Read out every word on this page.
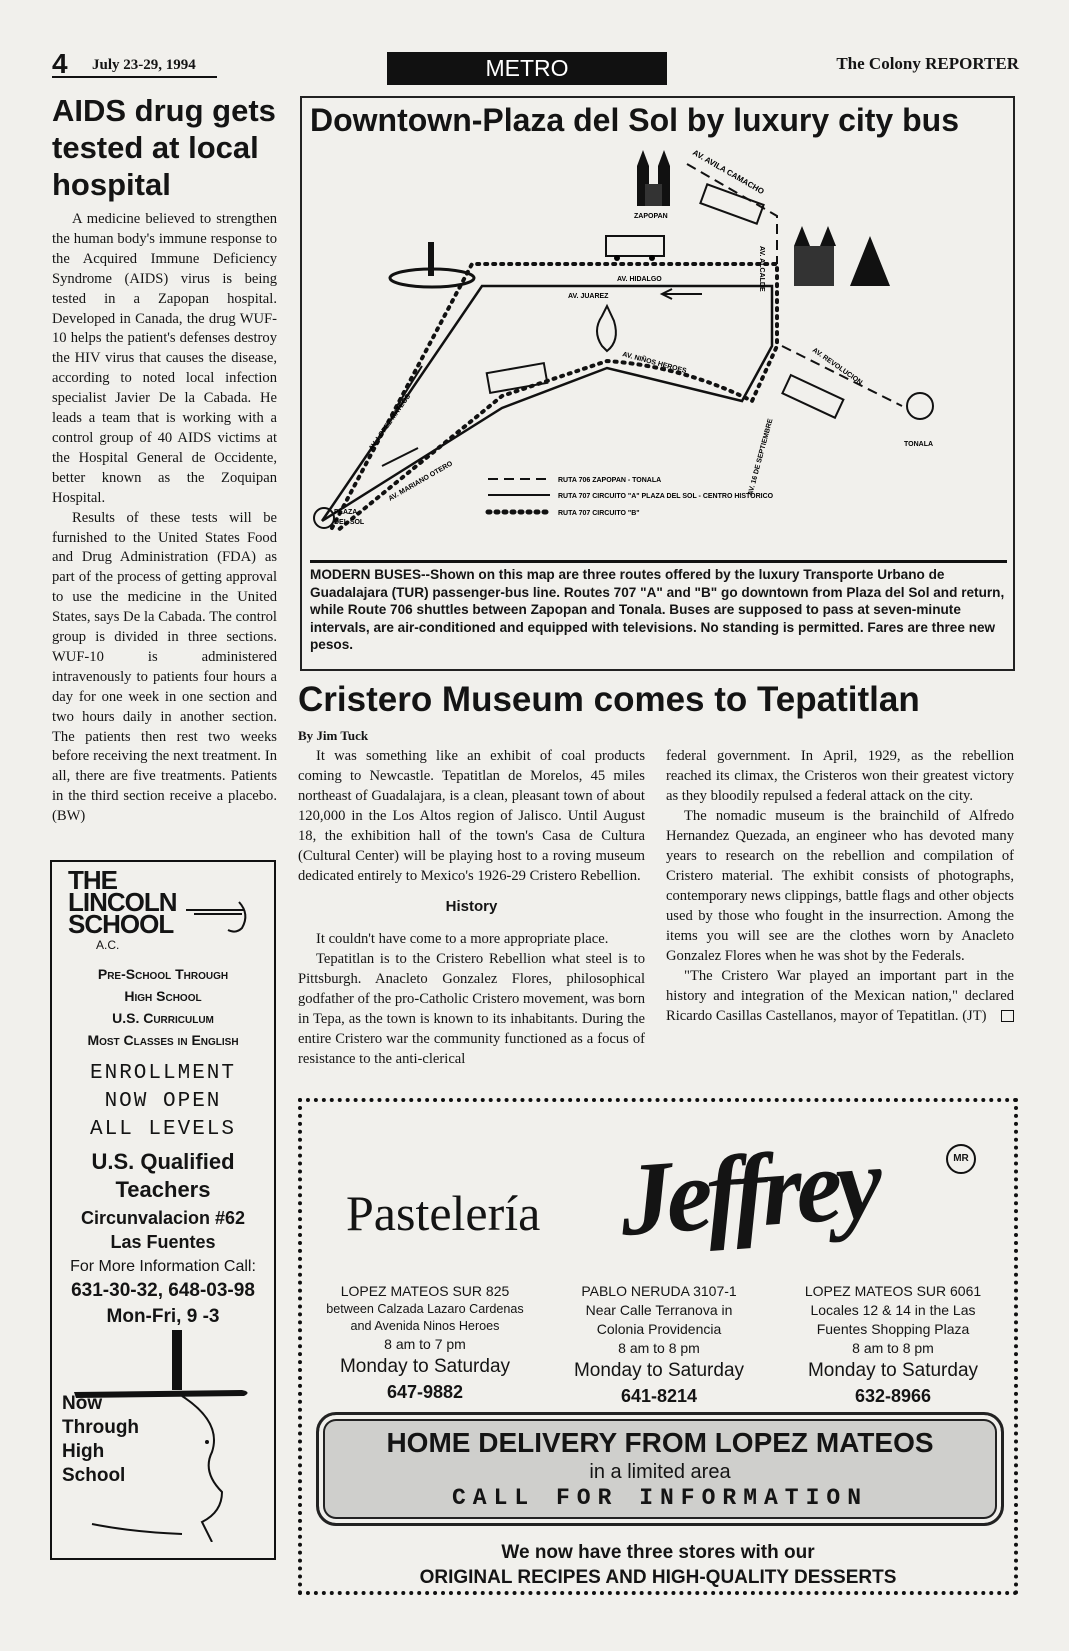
4 July 23-29, 1994	METRO	The Colony REPORTER
AIDS drug gets tested at local hospital

A medicine believed to strengthen the human body's immune response to the Acquired Immune Deficiency Syndrome (AIDS) virus is being tested in a Zapopan hospital. Developed in Canada, the drug WUF-10 helps the patient's defenses destroy the HIV virus that causes the disease, according to noted local infection specialist Javier De la Cabada. He leads a team that is working with a control group of 40 AIDS victims at the Hospital General de Occidente, better known as the Zoquipan Hospital.

Results of these tests will be furnished to the United States Food and Drug Administration (FDA) as part of the process of getting approval to use the medicine in the United States, says De la Cabada. The control group is divided in three sections. WUF-10 is administered intravenously to patients four hours a day for one week in one section and two hours daily in another section. The patients then rest two weeks before receiving the next treatment. In all, there are five treatments. Patients in the third section receive a placebo. (BW)

THE
LINCOLN
SCHOOL
A.C.
Pre-School Through
High School
U.S. Curriculum
Most Classes in English
ENROLLMENT
NOW OPEN
ALL LEVELS
U.S. Qualified
Teachers
Circunvalacion #62
Las Fuentes
For More Information Call:
631-30-32, 648-03-98
Mon-Fri, 9 -3
Now
Through
High
School
Downtown-Plaza del Sol by luxury city bus
AV. AVILA CAMACHO
ZAPOPAN
AV. ALCALDE
AV. HIDALGO
AV. JUAREZ
AV. NIÑOS HEROES
AV. LOPEZ MATEOS
AV. MARIANO OTERO
AV. REVOLUCION
AV. 16 DE SEPTIEMBRE	TONALA
PLAZA
DEL SOL
RUTA 706 ZAPOPAN - TONALA
RUTA 707 CIRCUITO "A" PLAZA DEL SOL - CENTRO HISTORICO
RUTA 707 CIRCUITO "B"

MODERN BUSES--Shown on this map are three routes offered by the luxury Transporte Urbano de Guadalajara (TUR) passenger-bus line. Routes 707 "A" and "B" go downtown from Plaza del Sol and return, while Route 706 shuttles between Zapopan and Tonala. Buses are supposed to pass at seven-minute intervals, are air-conditioned and equipped with televisions. No standing is permitted. Fares are three new pesos.

Cristero Museum comes to Tepatitlan
By Jim Tuck

It was something like an exhibit of coal products coming to Newcastle. Tepatitlan de Morelos, 45 miles northeast of Guadalajara, is a clean, pleasant town of about 120,000 in the Los Altos region of Jalisco. Until August 18, the exhibition hall of the town's Casa de Cultura (Cultural Center) will be playing host to a roving museum dedicated entirely to Mexico's 1926-29 Cristero Rebellion.

History

It couldn't have come to a more appropriate place.

Tepatitlan is to the Cristero Rebellion what steel is to Pittsburgh. Anacleto Gonzalez Flores, philosophical godfather of the pro-Catholic Cristero movement, was born in Tepa, as the town is known to its inhabitants. During the entire Cristero war the community functioned as a focus of resistance to the anti-clerical

federal government. In April, 1929, as the rebellion reached its climax, the Cristeros won their greatest victory as they bloodily repulsed a federal attack on the city.

The nomadic museum is the brainchild of Alfredo Hernandez Quezada, an engineer who has devoted many years to research on the rebellion and compilation of Cristero material. The exhibit consists of photographs, contemporary news clippings, battle flags and other objects used by those who fought in the insurrection. Among the items you will see are the clothes worn by Anacleto Gonzalez Flores when he was shot by the Federals.

"The Cristero War played an important part in the history and integration of the Mexican nation," declared Ricardo Casillas Castellanos, mayor of Tepatitlan. (JT)

Pastelería Jeffrey	MR
LOPEZ MATEOS SUR 825
between Calzada Lazaro Cardenas
and Avenida Ninos Heroes
8 am to 7 pm
Monday to Saturday
647-9882
PABLO NERUDA 3107-1
Near Calle Terranova in
Colonia Providencia
8 am to 8 pm
Monday to Saturday
641-8214
LOPEZ MATEOS SUR 6061
Locales 12 & 14 in the Las
Fuentes Shopping Plaza
8 am to 8 pm
Monday to Saturday
632-8966
HOME DELIVERY FROM LOPEZ MATEOS
in a limited area
CALL FOR INFORMATION
We now have three stores with our
ORIGINAL RECIPES AND HIGH-QUALITY DESSERTS
